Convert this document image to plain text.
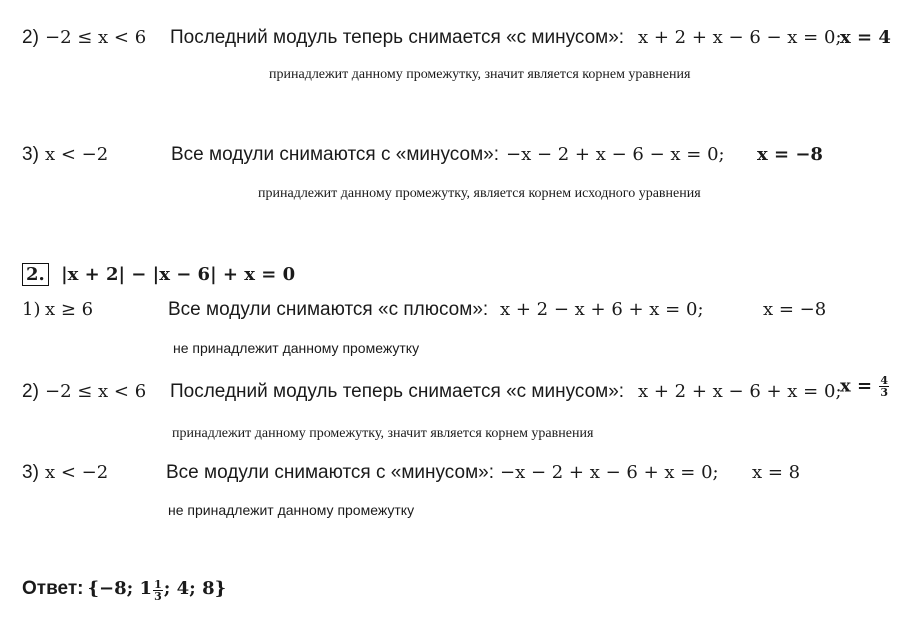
2) −2 ≤ x < 6 Последний модуль теперь снимается «с минусом»: x + 2 + x − 6 − x = 0;
x = 4
принадлежит данному промежутку, значит является корнем уравнения
3) x < −2	Все модули снимаются с «минусом»: −x − 2 + x − 6 − x = 0; x = −8
принадлежит данному промежутку, является корнем исходного уравнения
2. |x + 2| − |x − 6| + x = 0
1) x ≥ 6	Все модули снимаются «с плюсом»: x + 2 − x + 6 + x = 0;	x = −8
не принадлежит данному промежутку
2) −2 ≤ x < 6 Последний модуль теперь снимается «с минусом»: x + 2 + x − 6 + x = 0;
$x = \frac{4}{3}$
принадлежит данному промежутку, значит является корнем уравнения
3) x < −2	Все модули снимаются с «минусом»: −x − 2 + x − 6 + x = 0; x = 8
не принадлежит данному промежутку
Ответ: {−8; $1 \frac{1}{3}$ ; 4; 8}
